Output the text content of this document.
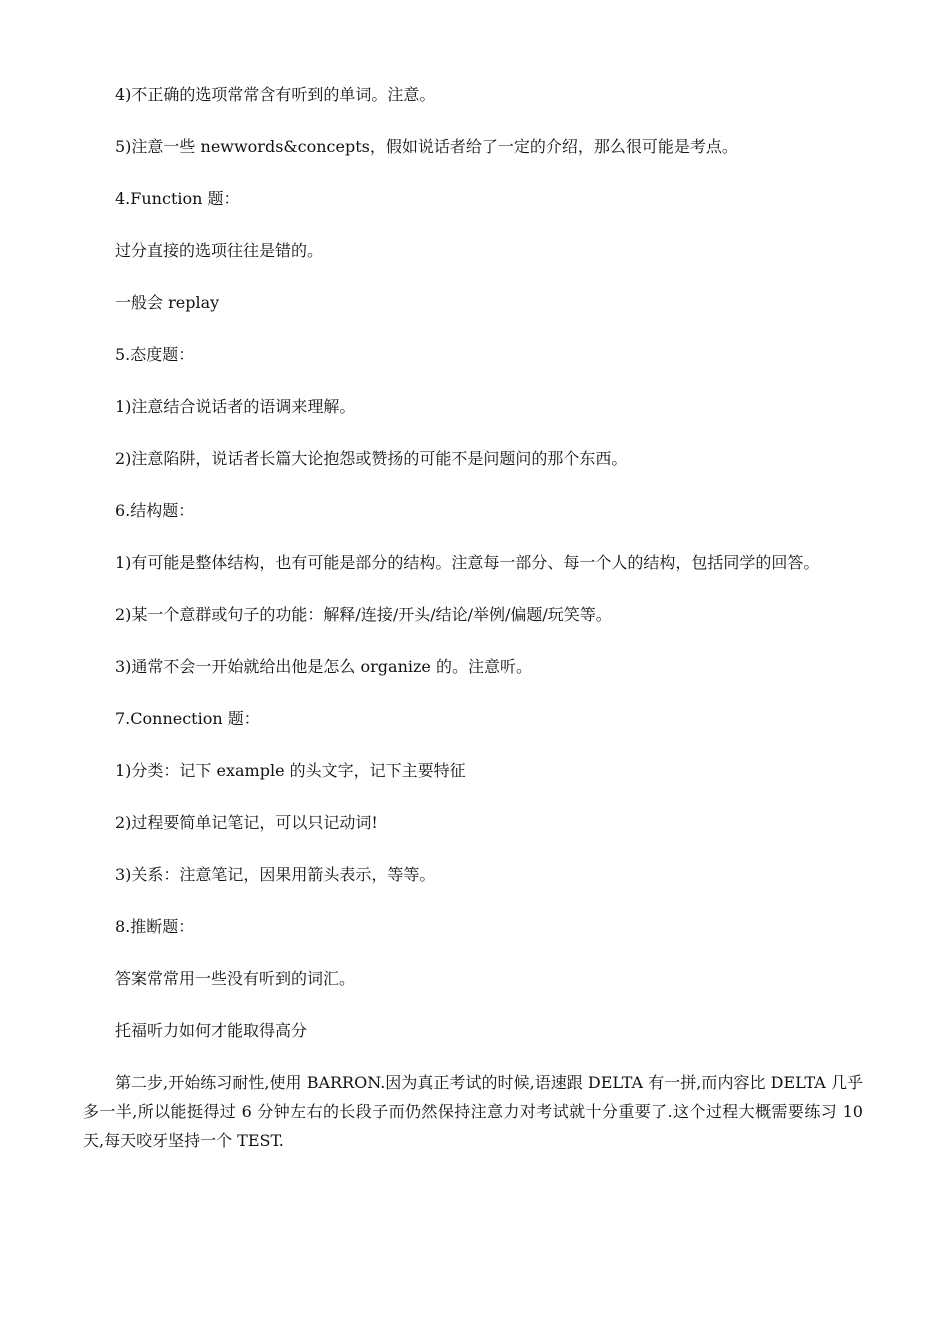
4)不正确的选项常常含有听到的单词。注意。

5)注意一些 newwords&concepts，假如说话者给了一定的介绍，那么很可能是考点。

4.Function 题：

过分直接的选项往往是错的。

一般会 replay

5.态度题：

1)注意结合说话者的语调来理解。

2)注意陷阱，说话者长篇大论抱怨或赞扬的可能不是问题问的那个东西。

6.结构题：

1)有可能是整体结构，也有可能是部分的结构。注意每一部分、每一个人的结构，包括同学的回答。

2)某一个意群或句子的功能：解释/连接/开头/结论/举例/偏题/玩笑等。

3)通常不会一开始就给出他是怎么 organize 的。注意听。

7.Connection 题：

1)分类：记下 example 的头文字，记下主要特征

2)过程要简单记笔记，可以只记动词!

3)关系：注意笔记，因果用箭头表示，等等。

8.推断题：

答案常常用一些没有听到的词汇。

托福听力如何才能取得高分

第二步,开始练习耐性,使用 BARRON.因为真正考试的时候,语速跟 DELTA 有一拼,而内容比 DELTA 几乎多一半,所以能挺得过 6 分钟左右的长段子而仍然保持注意力对考试就十分重要了.这个过程大概需要练习 10 天,每天咬牙坚持一个 TEST.
